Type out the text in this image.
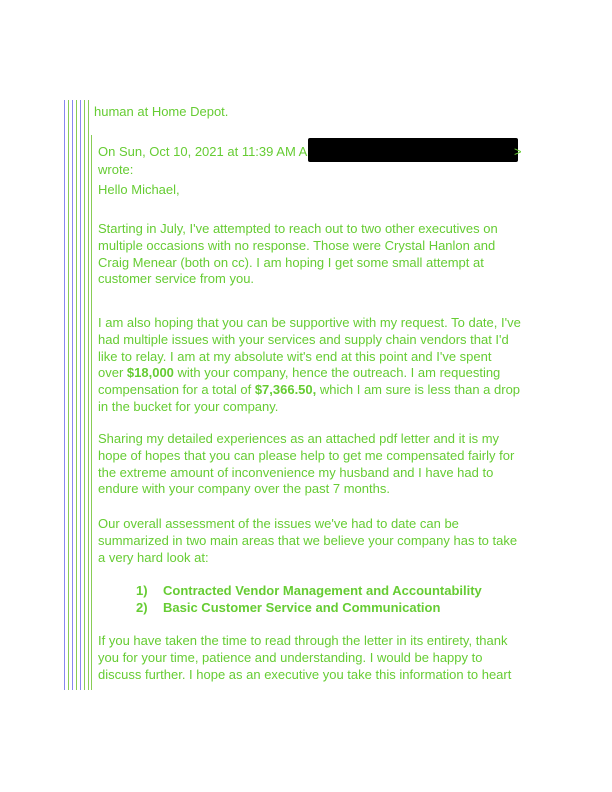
human at Home Depot.
On Sun, Oct 10, 2021 at 11:39 AM A	>
wrote:
Hello Michael,

Starting in July, I've attempted to reach out to two other executives on

multiple occasions with no response. Those were Crystal Hanlon and

Craig Menear (both on cc). I am hoping I get some small attempt at

customer service from you.

I am also hoping that you can be supportive with my request. To date, I've

had multiple issues with your services and supply chain vendors that I'd

like to relay. I am at my absolute wit's end at this point and I've spent

over $18,000 with your company, hence the outreach. I am requesting

compensation for a total of $7,366.50, which I am sure is less than a drop

in the bucket for your company.

Sharing my detailed experiences as an attached pdf letter and it is my

hope of hopes that you can please help to get me compensated fairly for

the extreme amount of inconvenience my husband and I have had to

endure with your company over the past 7 months.

Our overall assessment of the issues we've had to date can be

summarized in two main areas that we believe your company has to take

a very hard look at:

1) Contracted Vendor Management and Accountability
2) Basic Customer Service and Communication

If you have taken the time to read through the letter in its entirety, thank

you for your time, patience and understanding. I would be happy to

discuss further. I hope as an executive you take this information to heart
